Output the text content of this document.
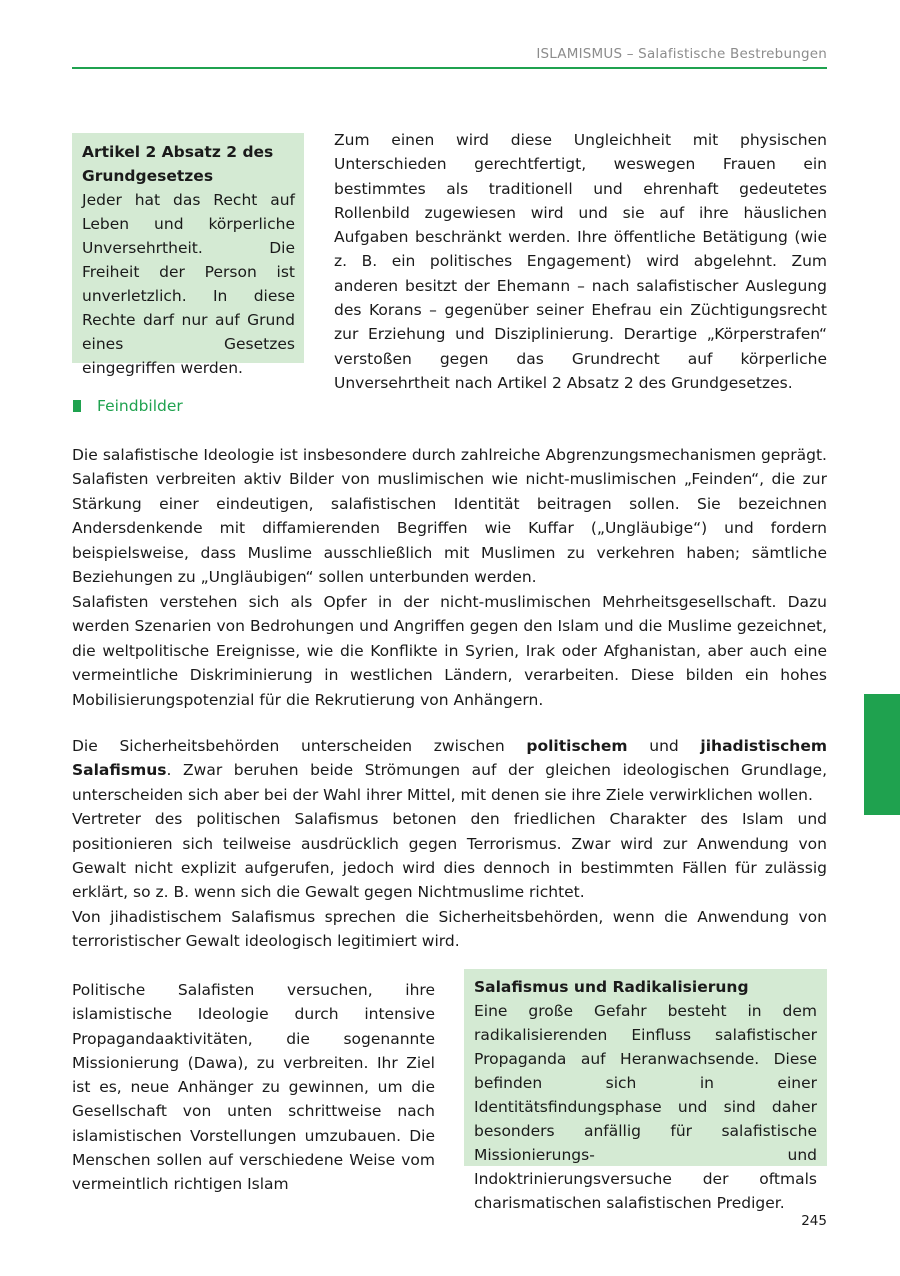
ISLAMISMUS – Salafistische Bestrebungen
Artikel 2 Absatz 2 des Grundgesetzes
Jeder hat das Recht auf Leben und körperliche Unversehrtheit. Die Freiheit der Person ist unverletzlich. In diese Rechte darf nur auf Grund eines Gesetzes eingegriffen werden.
Zum einen wird diese Ungleichheit mit physischen Unterschieden gerechtfertigt, weswegen Frauen ein bestimmtes als traditionell und ehrenhaft gedeutetes Rollenbild zugewiesen wird und sie auf ihre häuslichen Aufgaben beschränkt werden. Ihre öffentliche Betätigung (wie z. B. ein politisches Engagement) wird abgelehnt. Zum anderen besitzt der Ehemann – nach salafistischer Auslegung des Korans – gegenüber seiner Ehefrau ein Züchtigungsrecht zur Erziehung und Disziplinierung. Derartige „Körperstrafen“ verstoßen gegen das Grundrecht auf körperliche Unversehrtheit nach Artikel 2 Absatz 2 des Grundgesetzes.
Feindbilder
Die salafistische Ideologie ist insbesondere durch zahlreiche Abgrenzungsmechanismen geprägt. Salafisten verbreiten aktiv Bilder von muslimischen wie nicht-muslimischen „Feinden“, die zur Stärkung einer eindeutigen, salafistischen Identität beitragen sollen. Sie bezeichnen Andersdenkende mit diffamierenden Begriffen wie Kuffar („Ungläubige“) und fordern beispielsweise, dass Muslime ausschließlich mit Muslimen zu verkehren haben; sämtliche Beziehungen zu „Ungläubigen“ sollen unterbunden werden.
Salafisten verstehen sich als Opfer in der nicht-muslimischen Mehrheitsgesellschaft. Dazu werden Szenarien von Bedrohungen und Angriffen gegen den Islam und die Muslime gezeichnet, die weltpolitische Ereignisse, wie die Konflikte in Syrien, Irak oder Afghanistan, aber auch eine vermeintliche Diskriminierung in westlichen Ländern, verarbeiten. Diese bilden ein hohes Mobilisierungspotenzial für die Rekrutierung von Anhängern.
Die Sicherheitsbehörden unterscheiden zwischen politischem und jihadistischem Salafismus. Zwar beruhen beide Strömungen auf der gleichen ideologischen Grundlage, unterscheiden sich aber bei der Wahl ihrer Mittel, mit denen sie ihre Ziele verwirklichen wollen.
Vertreter des politischen Salafismus betonen den friedlichen Charakter des Islam und positionieren sich teilweise ausdrücklich gegen Terrorismus. Zwar wird zur Anwendung von Gewalt nicht explizit aufgerufen, jedoch wird dies dennoch in bestimmten Fällen für zulässig erklärt, so z. B. wenn sich die Gewalt gegen Nichtmuslime richtet.
Von jihadistischem Salafismus sprechen die Sicherheitsbehörden, wenn die Anwendung von terroristischer Gewalt ideologisch legitimiert wird.
Politische Salafisten versuchen, ihre islamistische Ideologie durch intensive Propagandaaktivitäten, die sogenannte Missionierung (Dawa), zu verbreiten. Ihr Ziel ist es, neue Anhänger zu gewinnen, um die Gesellschaft von unten schrittweise nach islamistischen Vorstellungen umzubauen. Die Menschen sollen auf verschiedene Weise vom vermeintlich richtigen Islam
Salafismus und Radikalisierung
Eine große Gefahr besteht in dem radikalisierenden Einfluss salafistischer Propaganda auf Heranwachsende. Diese befinden sich in einer Identitätsfindungsphase und sind daher besonders anfällig für salafistische Missionierungs- und Indoktrinierungsversuche der oftmals charismatischen salafistischen Prediger.
245
